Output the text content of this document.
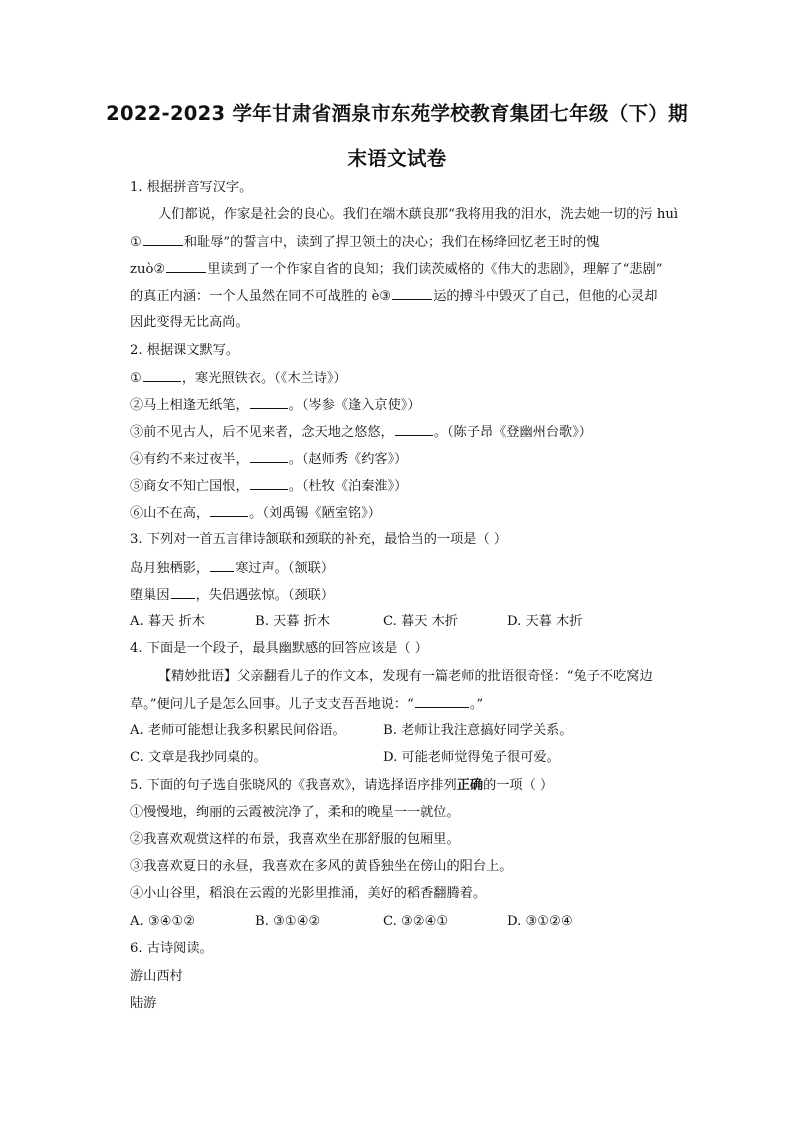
2022-2023 学年甘肃省酒泉市东苑学校教育集团七年级（下）期
末语文试卷
1. 根据拼音写汉字。
人们都说，作家是社会的良心。我们在端木蕻良那“我将用我的泪水，洗去她一切的污 huì
①	和耻辱”的誓言中，读到了捍卫领土的决心；我们在杨绛回忆老王时的愧
zuò②	里读到了一个作家自省的良知；我们读茨威格的《伟大的悲剧》，理解了“悲剧”
的真正内涵：一个人虽然在同不可战胜的 è③	运的搏斗中毁灭了自己，但他的心灵却
因此变得无比高尚。
2. 根据课文默写。
①	，寒光照铁衣。（《木兰诗》）
②马上相逢无纸笔，	。（岑参《逢入京使》）
③前不见古人，后不见来者，念天地之悠悠，	。（陈子昂《登幽州台歌》）
④有约不来过夜半，	。（赵师秀《约客》）
⑤商女不知亡国恨，	。（杜牧《泊秦淮》）
⑥山不在高，	。（刘禹锡《陋室铭》）
3. 下列对一首五言律诗颔联和颈联的补充，最恰当的一项是（ ）
岛月独栖影， 寒过声。（颔联）
堕巢因 ，失侣遇弦惊。（颈联）
A. 暮天 折木	B. 天暮 折木	C. 暮天 木折	D. 天暮 木折
4. 下面是一个段子，最具幽默感的回答应该是（ ）
【精妙批语】父亲翻看儿子的作文本，发现有一篇老师的批语很奇怪：“兔子不吃窝边
草。”便问儿子是怎么回事。儿子支支吾吾地说：“	。”
A. 老师可能想让我多积累民间俗语。	B. 老师让我注意搞好同学关系。
C. 文章是我抄同桌的。	D. 可能老师觉得兔子很可爱。
5. 下面的句子选自张晓风的《我喜欢》，请选择语序排列正确的一项（ ）
①慢慢地，绚丽的云霞被浣净了，柔和的晚星一一就位。
②我喜欢观赏这样的布景，我喜欢坐在那舒服的包厢里。
③我喜欢夏日的永昼，我喜欢在多风的黄昏独坐在傍山的阳台上。
④小山谷里，稻浪在云霞的光影里推涌，美好的稻香翻腾着。
A. ③④①②	B. ③①④②	C. ③②④①	D. ③①②④
6. 古诗阅读。
游山西村
陆游
